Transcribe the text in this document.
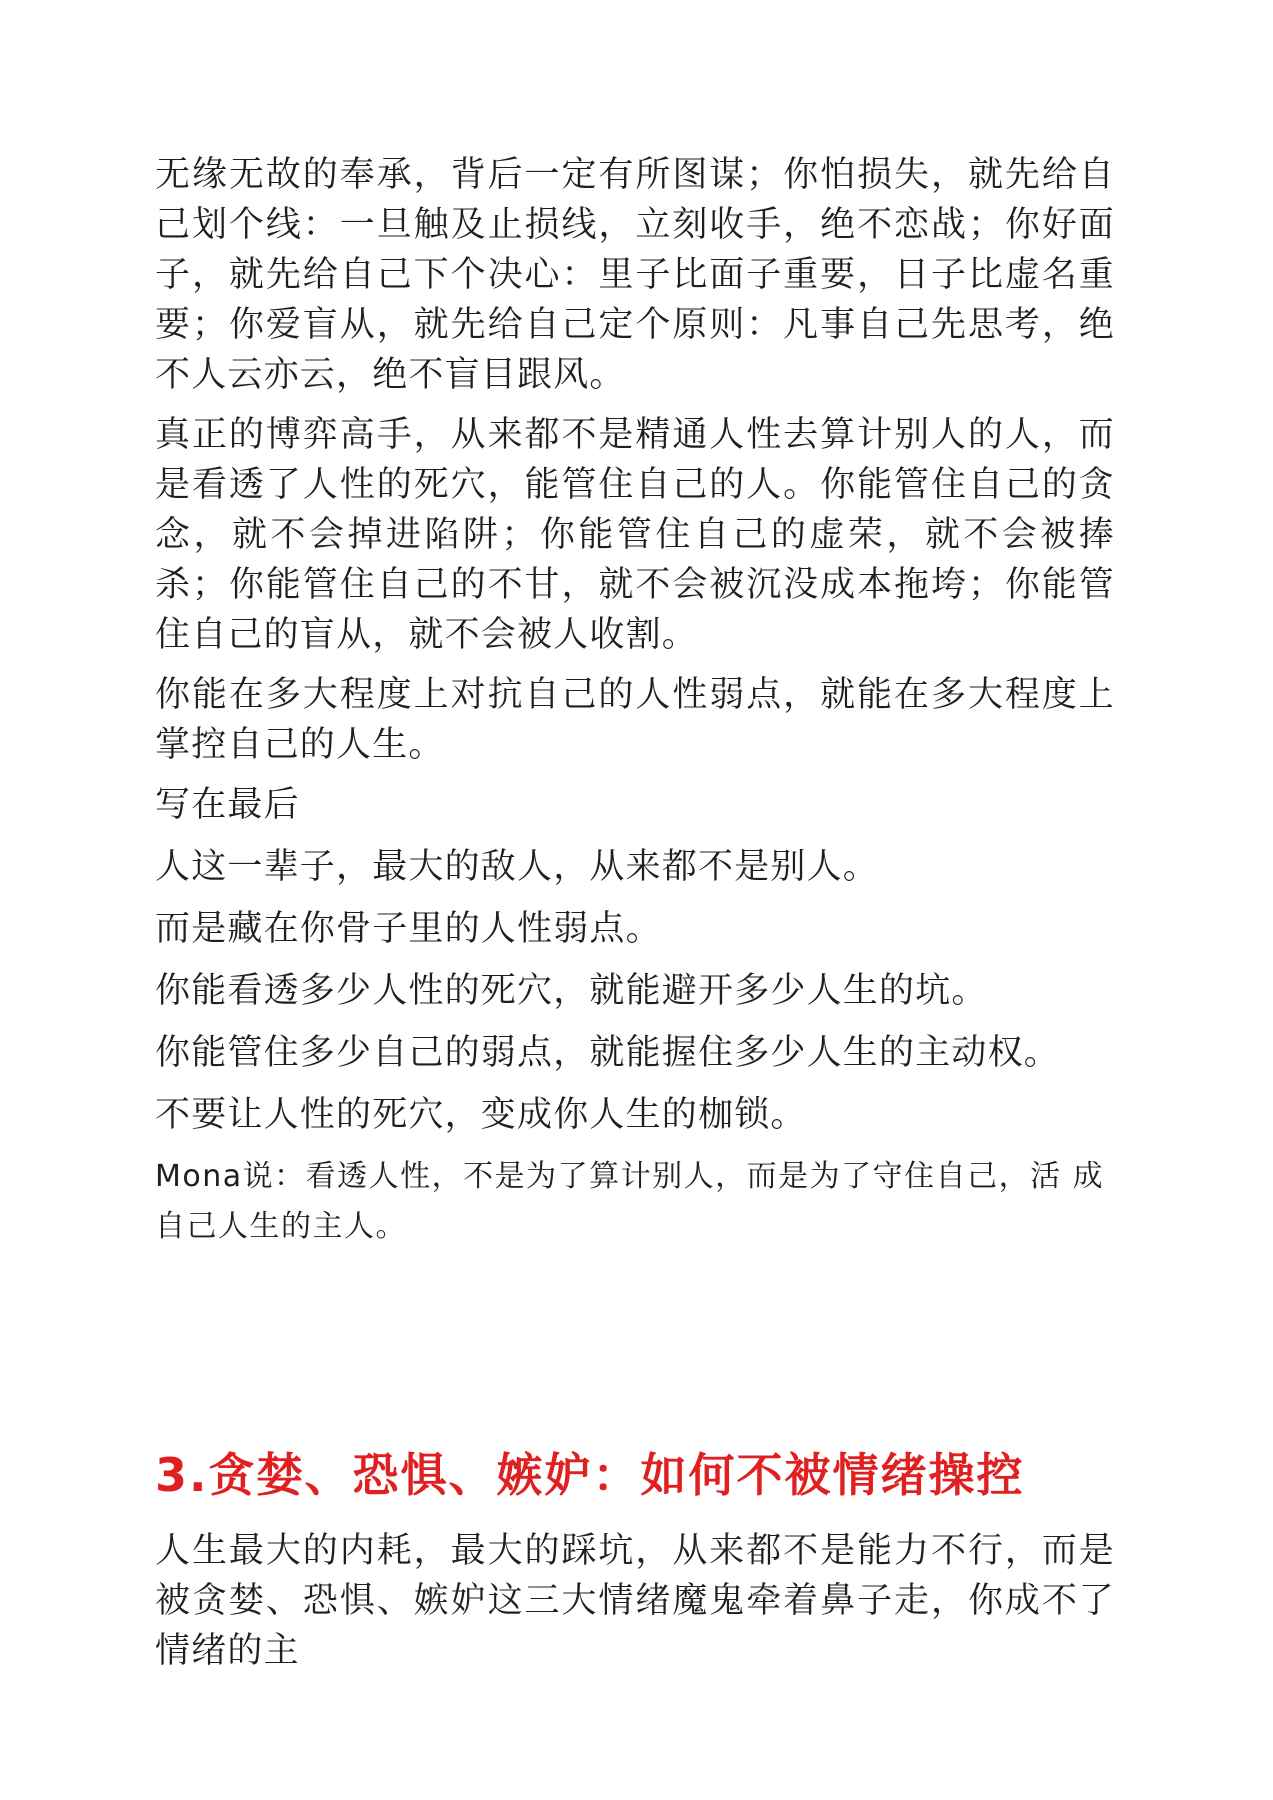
无缘无故的奉承，背后一定有所图谋；你怕损失，就先给自己划个线：一旦触及止损线，立刻收手，绝不恋战；你好面子，就先给自己下个决心：里子比面子重要，日子比虚名重要；你爱盲从，就先给自己定个原则：凡事自己先思考，绝不人云亦云，绝不盲目跟风。

真正的博弈高手，从来都不是精通人性去算计别人的人，而是看透了人性的死穴，能管住自己的人。你能管住自己的贪念，就不会掉进陷阱；你能管住自己的虚荣，就不会被捧杀；你能管住自己的不甘，就不会被沉没成本拖垮；你能管住自己的盲从，就不会被人收割。

你能在多大程度上对抗自己的人性弱点，就能在多大程度上掌控自己的人生。

写在最后

人这一辈子，最大的敌人，从来都不是别人。

而是藏在你骨子里的人性弱点。

你能看透多少人性的死穴，就能避开多少人生的坑。

你能管住多少自己的弱点，就能握住多少人生的主动权。

不要让人性的死穴，变成你人生的枷锁。

Mona说：看透人性，不是为了算计别人，而是为了守住自己，活 成自己人生的主人。

3.贪婪、恐惧、嫉妒：如何不被情绪操控

人生最大的内耗，最大的踩坑，从来都不是能力不行，而是被贪婪、恐惧、嫉妒这三大情绪魔鬼牵着鼻子走，你成不了情绪的主
